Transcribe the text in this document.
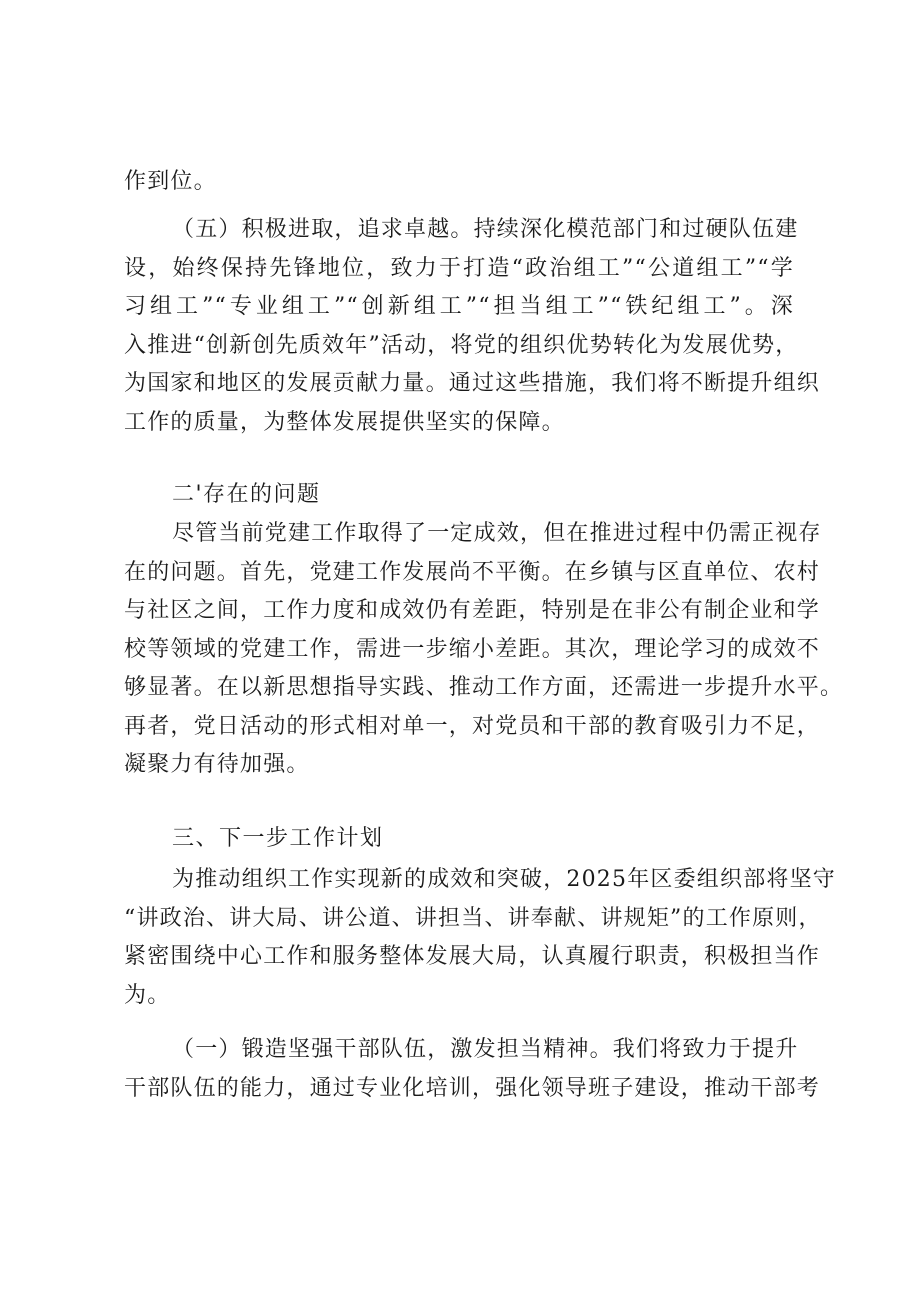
作到位。
（五）积极进取，追求卓越。持续深化模范部门和过硬队伍建
设，始终保持先锋地位，致力于打造“政治组工”“公道组工”“学
习组工”“专业组工”“创新组工”“担当组工”“铁纪组工”。深
入推进“创新创先质效年”活动，将党的组织优势转化为发展优势，
为国家和地区的发展贡献力量。通过这些措施，我们将不断提升组织
工作的质量，为整体发展提供坚实的保障。
二'存在的问题
尽管当前党建工作取得了一定成效，但在推进过程中仍需正视存
在的问题。首先，党建工作发展尚不平衡。在乡镇与区直单位、农村
与社区之间，工作力度和成效仍有差距，特别是在非公有制企业和学
校等领域的党建工作，需进一步缩小差距。其次，理论学习的成效不
够显著。在以新思想指导实践、推动工作方面，还需进一步提升水平。
再者，党日活动的形式相对单一，对党员和干部的教育吸引力不足，
凝聚力有待加强。
三、下一步工作计划
为推动组织工作实现新的成效和突破，2025年区委组织部将坚守
“讲政治、讲大局、讲公道、讲担当、讲奉献、讲规矩”的工作原则，
紧密围绕中心工作和服务整体发展大局，认真履行职责，积极担当作
为。
（一）锻造坚强干部队伍，激发担当精神。我们将致力于提升
干部队伍的能力，通过专业化培训，强化领导班子建设，推动干部考
